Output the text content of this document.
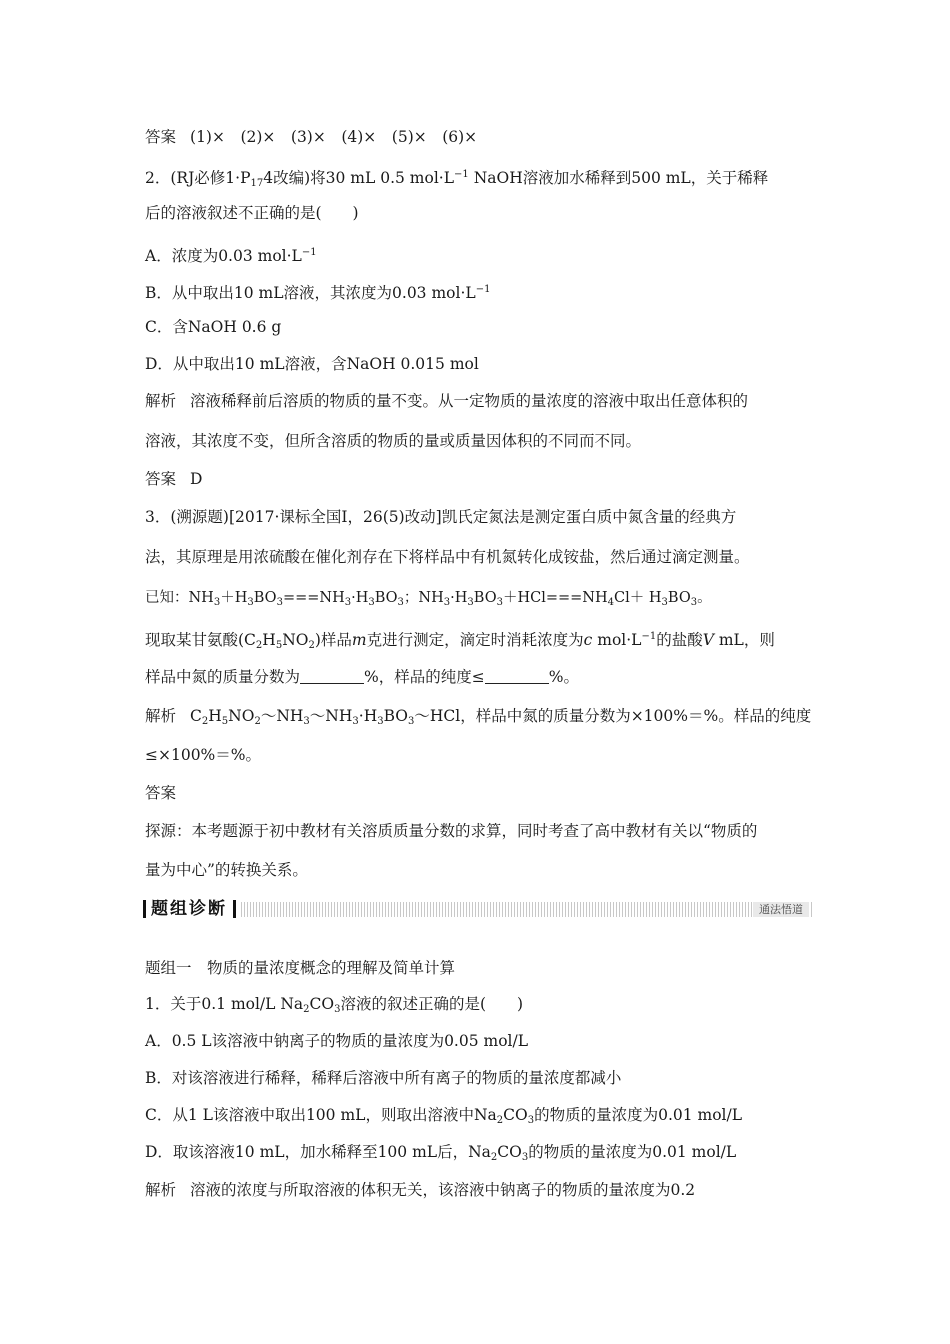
答案 (1)×　(2)×　(3)×　(4)×　(5)×　(6)×
2．(RJ必修$1\cdot P_{17}4$改编)将30 mL 0.5 $mol\cdot L^{-1}$ NaOH溶液加水稀释到500 mL，关于稀释
后的溶液叙述不正确的是(　　)
A．浓度为0.03 $mol\cdot L^{-1}$
B．从中取出10 mL溶液，其浓度为0.03 $mol\cdot L^{-1}$
C．含NaOH 0.6 g
D．从中取出10 mL溶液，含NaOH 0.015 mol
解析 溶液稀释前后溶质的物质的量不变。从一定物质的量浓度的溶液中取出任意体积的
溶液，其浓度不变，但所含溶质的物质的量或质量因体积的不同而不同。
答案 D
3．(溯源题)[2017·课标全国Ⅰ，26(5)改动]凯氏定氮法是测定蛋白质中氮含量的经典方
法，其原理是用浓硫酸在催化剂存在下将样品中有机氮转化成铵盐，然后通过滴定测量。
已知：$NH_3+H_3BO_3===NH_3\cdot H_3BO_3$；$NH_3\cdot H_3BO_3+HCl===NH_4Cl+ H_3BO_3$。
现取某甘氨酸$(C_2H_5NO_2)$样品m克进行测定，滴定时消耗浓度为c $mol\cdot L^{-1}$的盐酸V mL，则
样品中氮的质量分数为	%，样品的纯度≤	%。
解析 $C_2H_5NO_2\sim NH_3\sim NH_3\cdot H_3BO_3\sim HCl$，样品中氮的质量分数为×100%＝%。样品的纯度
≤×100%＝%。
答案
探源：本考题源于初中教材有关溶质质量分数的求算，同时考查了高中教材有关以“物质的
量为中心”的转换关系。
题组诊断	通法悟道
题组一　物质的量浓度概念的理解及简单计算
1．关于0.1 mol/L $Na_2CO_3$溶液的叙述正确的是(　　)
A．0.5 L该溶液中钠离子的物质的量浓度为0.05 mol/L
B．对该溶液进行稀释，稀释后溶液中所有离子的物质的量浓度都减小
C．从1 L该溶液中取出100 mL，则取出溶液中$Na_2CO_3$的物质的量浓度为0.01 mol/L
D．取该溶液10 mL，加水稀释至100 mL后，$Na_2CO_3$的物质的量浓度为0.01 mol/L
解析 溶液的浓度与所取溶液的体积无关，该溶液中钠离子的物质的量浓度为0.2
